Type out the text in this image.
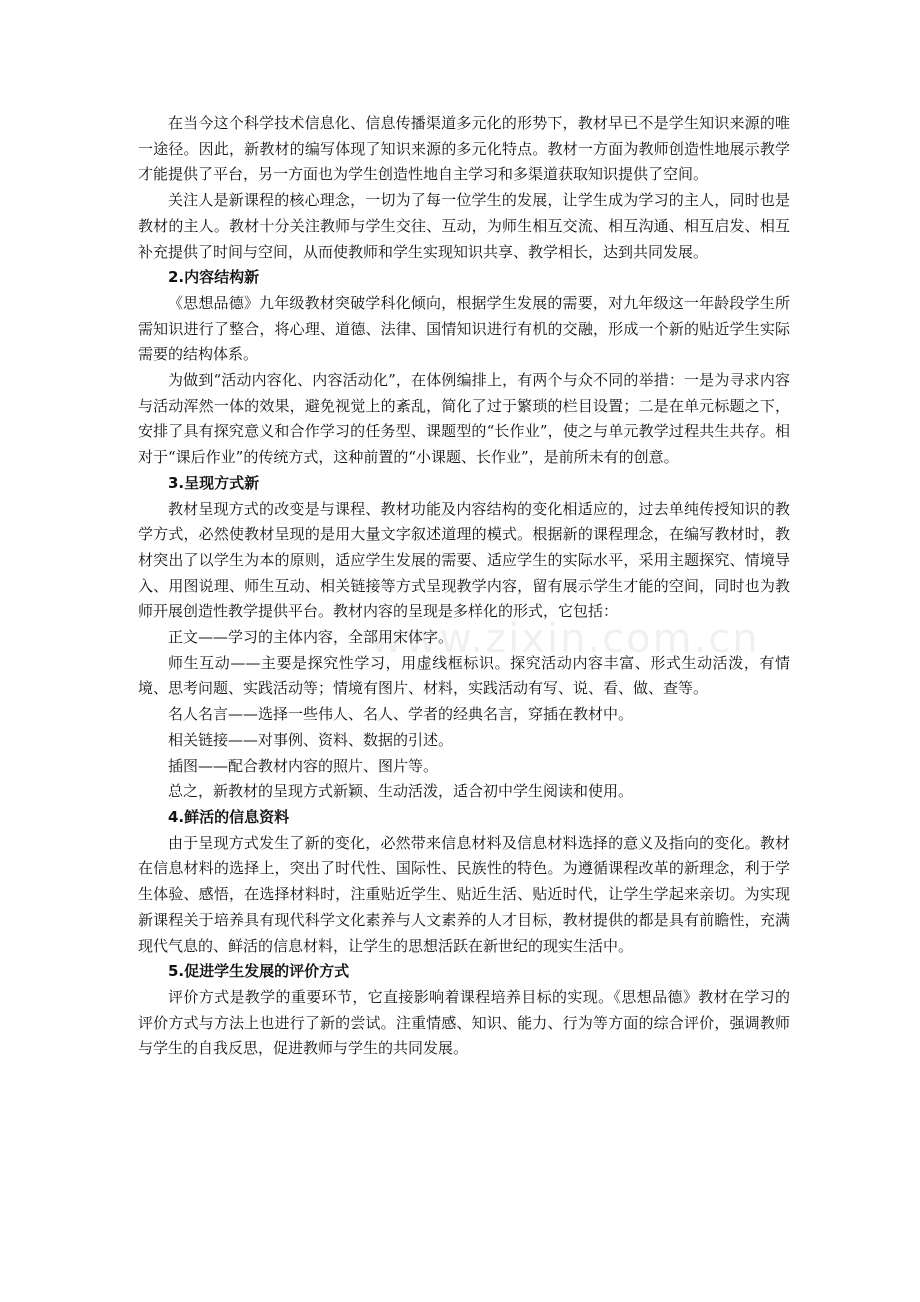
在当今这个科学技术信息化、信息传播渠道多元化的形势下，教材早已不是学生知识来源的唯一途径。因此，新教材的编写体现了知识来源的多元化特点。教材一方面为教师创造性地展示教学才能提供了平台，另一方面也为学生创造性地自主学习和多渠道获取知识提供了空间。

关注人是新课程的核心理念，一切为了每一位学生的发展，让学生成为学习的主人，同时也是教材的主人。教材十分关注教师与学生交往、互动，为师生相互交流、相互沟通、相互启发、相互补充提供了时间与空间，从而使教师和学生实现知识共享、教学相长，达到共同发展。

2.内容结构新

《思想品德》九年级教材突破学科化倾向，根据学生发展的需要，对九年级这一年龄段学生所需知识进行了整合，将心理、道德、法律、国情知识进行有机的交融，形成一个新的贴近学生实际需要的结构体系。

为做到“活动内容化、内容活动化”，在体例编排上，有两个与众不同的举措：一是为寻求内容与活动浑然一体的效果，避免视觉上的紊乱，简化了过于繁琐的栏目设置；二是在单元标题之下，安排了具有探究意义和合作学习的任务型、课题型的“长作业”，使之与单元教学过程共生共存。相对于“课后作业”的传统方式，这种前置的“小课题、长作业”，是前所未有的创意。

3.呈现方式新

教材呈现方式的改变是与课程、教材功能及内容结构的变化相适应的，过去单纯传授知识的教学方式，必然使教材呈现的是用大量文字叙述道理的模式。根据新的课程理念，在编写教材时，教材突出了以学生为本的原则，适应学生发展的需要、适应学生的实际水平，采用主题探究、情境导入、用图说理、师生互动、相关链接等方式呈现教学内容，留有展示学生才能的空间，同时也为教师开展创造性教学提供平台。教材内容的呈现是多样化的形式，它包括：

正文——学习的主体内容，全部用宋体字。

师生互动——主要是探究性学习，用虚线框标识。探究活动内容丰富、形式生动活泼，有情境、思考问题、实践活动等；情境有图片、材料，实践活动有写、说、看、做、查等。

名人名言——选择一些伟人、名人、学者的经典名言，穿插在教材中。

相关链接——对事例、资料、数据的引述。

插图——配合教材内容的照片、图片等。

总之，新教材的呈现方式新颖、生动活泼，适合初中学生阅读和使用。

4.鲜活的信息资料

由于呈现方式发生了新的变化，必然带来信息材料及信息材料选择的意义及指向的变化。教材在信息材料的选择上，突出了时代性、国际性、民族性的特色。为遵循课程改革的新理念，利于学生体验、感悟，在选择材料时，注重贴近学生、贴近生活、贴近时代，让学生学起来亲切。为实现新课程关于培养具有现代科学文化素养与人文素养的人才目标，教材提供的都是具有前瞻性，充满现代气息的、鲜活的信息材料，让学生的思想活跃在新世纪的现实生活中。

5.促进学生发展的评价方式

评价方式是教学的重要环节，它直接影响着课程培养目标的实现。《思想品德》教材在学习的评价方式与方法上也进行了新的尝试。注重情感、知识、能力、行为等方面的综合评价，强调教师与学生的自我反思，促进教师与学生的共同发展。

www.zixin.com.cn
